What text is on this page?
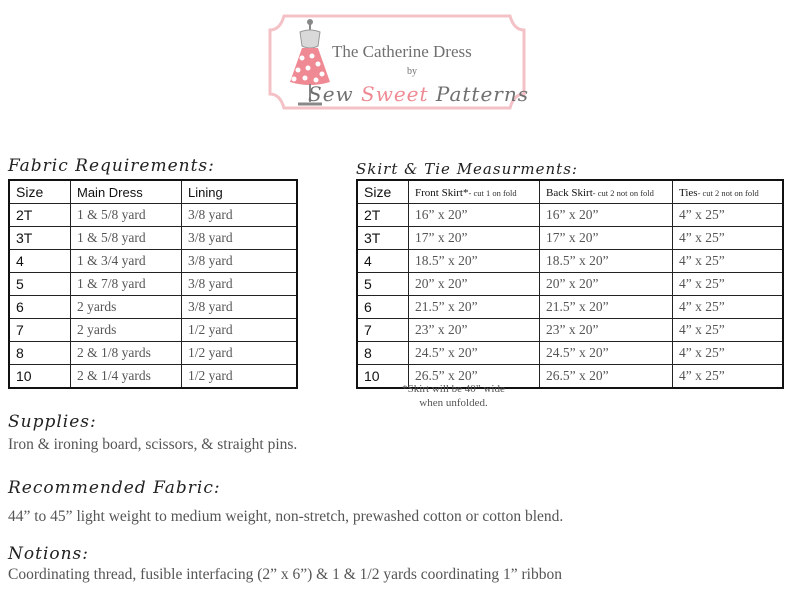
The Catherine Dress
by
Sew Sweet Patterns
Fabric Requirements:
Size	Main Dress	Lining
2T	1 & 5/8 yard	3/8 yard
3T	1 & 5/8 yard	3/8 yard
4	1 & 3/4 yard	3/8 yard
5	1 & 7/8 yard	3/8 yard
6	2 yards	3/8 yard
7	2 yards	1/2 yard
8	2 & 1/8 yards	1/2 yard
10	2 & 1/4 yards	1/2 yard
Skirt & Tie Measurments:
Size	Front Skirt*- cut 1 on fold	Back Skirt- cut 2 not on fold	Ties- cut 2 not on fold
2T	16” x 20”	16” x 20”	4” x 25”
3T	17” x 20”	17” x 20”	4” x 25”
4	18.5” x 20”	18.5” x 20”	4” x 25”
5	20” x 20”	20” x 20”	4” x 25”
6	21.5” x 20”	21.5” x 20”	4” x 25”
7	23” x 20”	23” x 20”	4” x 25”
8	24.5” x 20”	24.5” x 20”	4” x 25”
10	26.5” x 20”	26.5” x 20”	4” x 25”
*Skirt will be 40” wide
when unfolded.
Supplies:
Iron & ironing board, scissors, & straight pins.
Recommended Fabric:
44” to 45” light weight to medium weight, non-stretch, prewashed cotton or cotton blend.
Notions:
Coordinating thread, fusible interfacing (2” x 6”) & 1 & 1/2 yards coordinating 1” ribbon
